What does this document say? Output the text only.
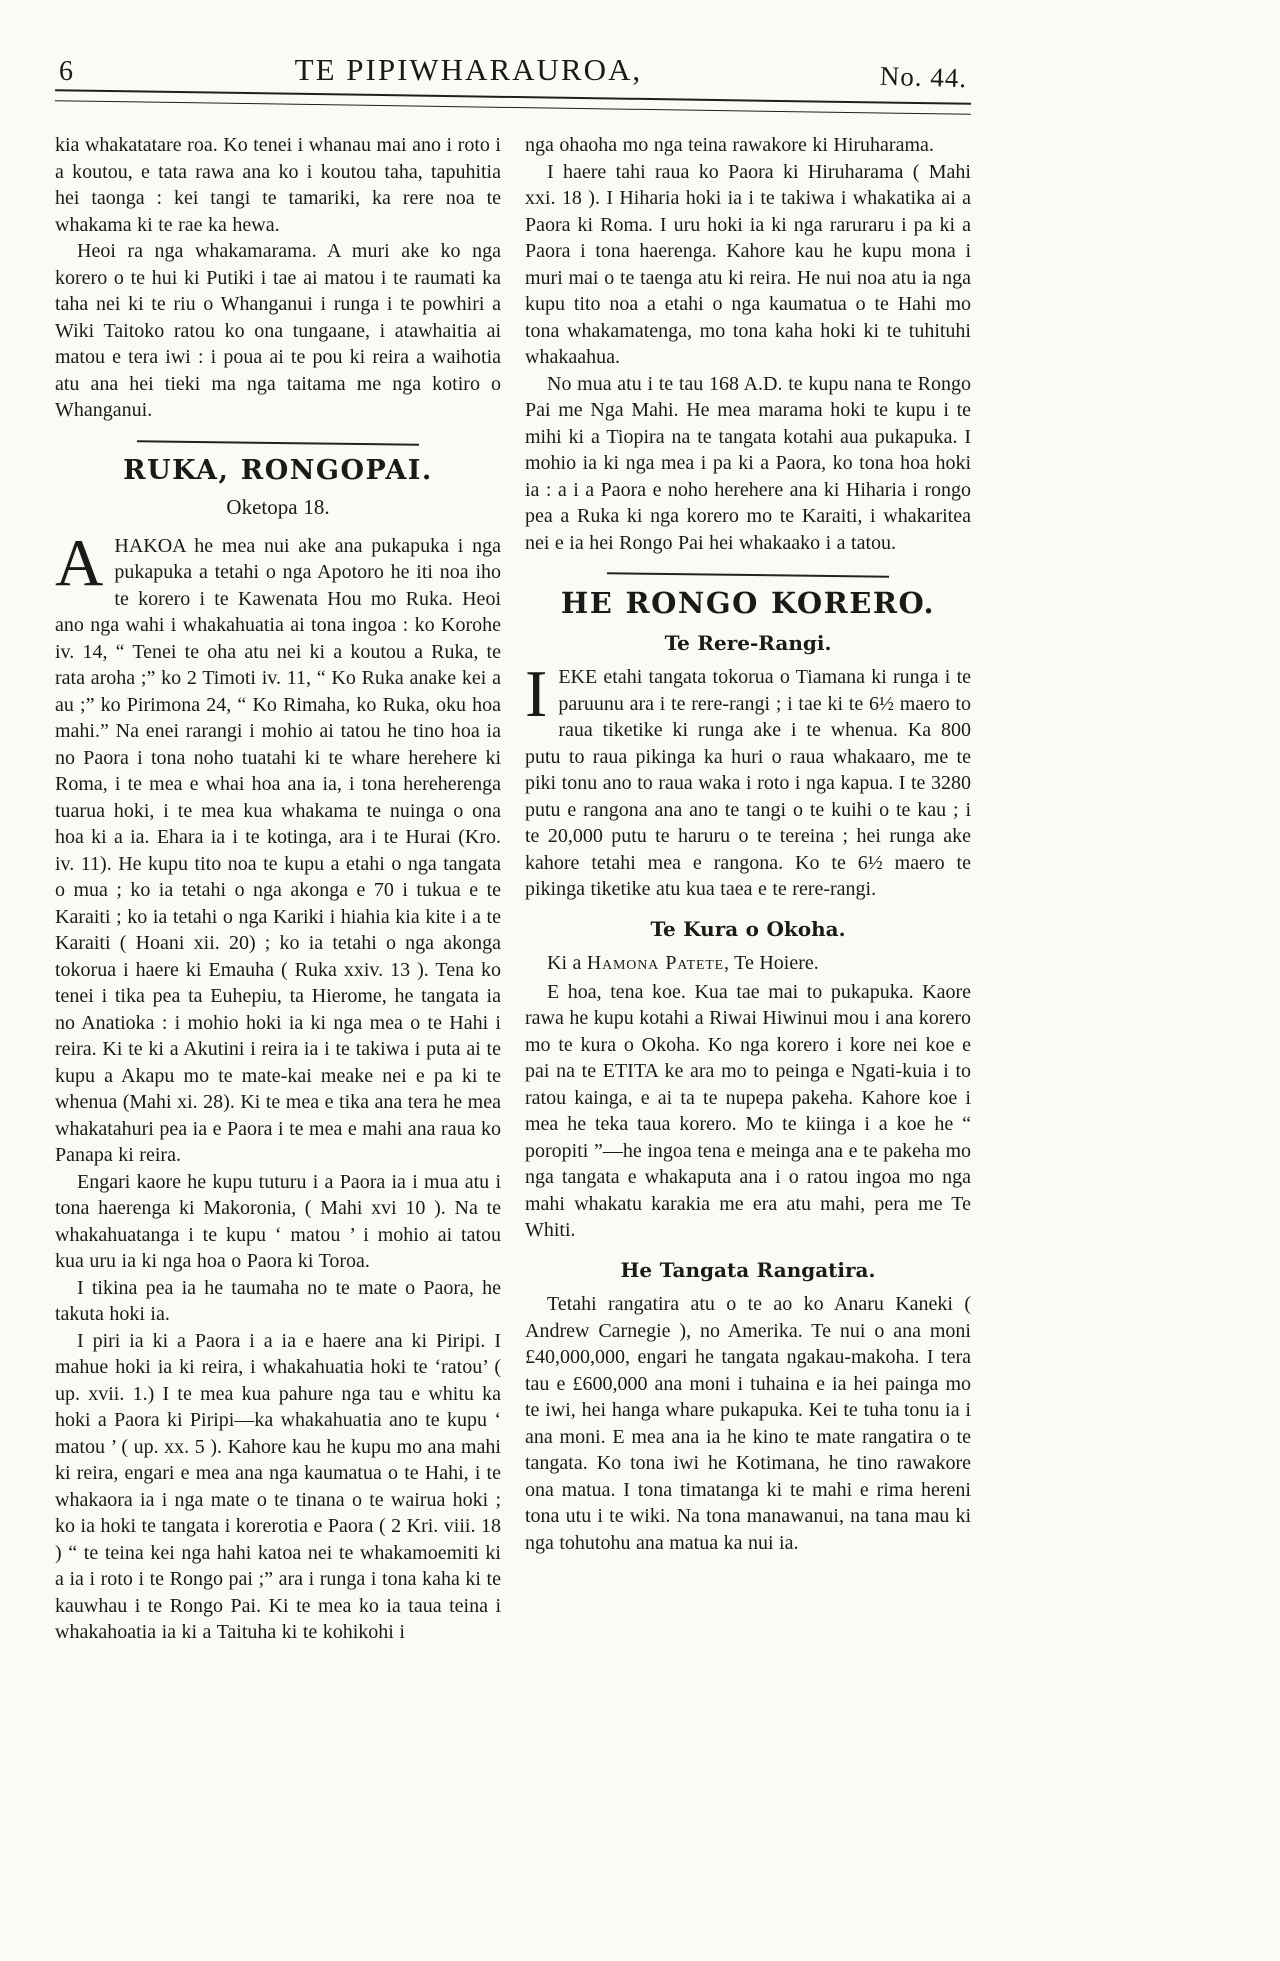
6	TE PIPIWHARAUROA,	No. 44.

kia whakatatare roa. Ko tenei i whanau mai ano i roto i a koutou, e tata rawa ana ko i koutou taha, tapuhitia hei taonga : kei tangi te tamariki, ka rere noa te whakama ki te rae ka hewa.

Heoi ra nga whakamarama. A muri ake ko nga korero o te hui ki Putiki i tae ai matou i te raumati ka taha nei ki te riu o Whanganui i runga i te powhiri a Wiki Taitoko ratou ko ona tungaane, i atawhaitia ai matou e tera iwi : i poua ai te pou ki reira a waihotia atu ana hei tieki ma nga taitama me nga kotiro o Whanganui.

RUKA, RONGOPAI.
Oketopa 18.

AHAKOA he mea nui ake ana pukapuka i nga pukapuka a tetahi o nga Apotoro he iti noa iho te korero i te Kawenata Hou mo Ruka. Heoi ano nga wahi i whakahuatia ai tona ingoa : ko Korohe iv. 14, “ Tenei te oha atu nei ki a koutou a Ruka, te rata aroha ;” ko 2 Timoti iv. 11, “ Ko Ruka anake kei a au ;” ko Pirimona 24, “ Ko Rimaha, ko Ruka, oku hoa mahi.” Na enei rarangi i mohio ai tatou he tino hoa ia no Paora i tona noho tuatahi ki te whare herehere ki Roma, i te mea e whai hoa ana ia, i tona hereherenga tuarua hoki, i te mea kua whakama te nuinga o ona hoa ki a ia. Ehara ia i te kotinga, ara i te Hurai (Kro. iv. 11). He kupu tito noa te kupu a etahi o nga tangata o mua ; ko ia tetahi o nga akonga e 70 i tukua e te Karaiti ; ko ia tetahi o nga Kariki i hiahia kia kite i a te Karaiti ( Hoani xii. 20) ; ko ia tetahi o nga akonga tokorua i haere ki Emauha ( Ruka xxiv. 13 ). Tena ko tenei i tika pea ta Euhepiu, ta Hierome, he tangata ia no Anatioka : i mohio hoki ia ki nga mea o te Hahi i reira. Ki te ki a Akutini i reira ia i te takiwa i puta ai te kupu a Akapu mo te mate-kai meake nei e pa ki te whenua (Mahi xi. 28). Ki te mea e tika ana tera he mea whakatahuri pea ia e Paora i te mea e mahi ana raua ko Panapa ki reira.

Engari kaore he kupu tuturu i a Paora ia i mua atu i tona haerenga ki Makoronia, ( Mahi xvi 10 ). Na te whakahuatanga i te kupu ‘ matou ’ i mohio ai tatou kua uru ia ki nga hoa o Paora ki Toroa.

I tikina pea ia he taumaha no te mate o Paora, he takuta hoki ia.

I piri ia ki a Paora i a ia e haere ana ki Piripi. I mahue hoki ia ki reira, i whakahuatia hoki te ‘ratou’ ( up. xvii. 1.) I te mea kua pahure nga tau e whitu ka hoki a Paora ki Piripi—ka whakahuatia ano te kupu ‘ matou ’ ( up. xx. 5 ). Kahore kau he kupu mo ana mahi ki reira, engari e mea ana nga kaumatua o te Hahi, i te whakaora ia i nga mate o te tinana o te wairua hoki ; ko ia hoki te tangata i korerotia e Paora ( 2 Kri. viii. 18 ) “ te teina kei nga hahi katoa nei te whakamoemiti ki a ia i roto i te Rongo pai ;” ara i runga i tona kaha ki te kauwhau i te Rongo Pai. Ki te mea ko ia taua teina i whakahoatia ia ki a Taituha ki te kohikohi i

nga ohaoha mo nga teina rawakore ki Hiruharama.

I haere tahi raua ko Paora ki Hiruharama ( Mahi xxi. 18 ). I Hiharia hoki ia i te takiwa i whakatika ai a Paora ki Roma. I uru hoki ia ki nga raruraru i pa ki a Paora i tona haerenga. Kahore kau he kupu mona i muri mai o te taenga atu ki reira. He nui noa atu ia nga kupu tito noa a etahi o nga kaumatua o te Hahi mo tona whakamatenga, mo tona kaha hoki ki te tuhituhi whakaahua.

No mua atu i te tau 168 A.D. te kupu nana te Rongo Pai me Nga Mahi. He mea marama hoki te kupu i te mihi ki a Tiopira na te tangata kotahi aua pukapuka. I mohio ia ki nga mea i pa ki a Paora, ko tona hoa hoki ia : a i a Paora e noho herehere ana ki Hiharia i rongo pea a Ruka ki nga korero mo te Karaiti, i whakaritea nei e ia hei Rongo Pai hei whakaako i a tatou.

HE RONGO KORERO.
Te Rere-Rangi.

IEKE etahi tangata tokorua o Tiamana ki runga i te paruunu ara i te rere-rangi ; i tae ki te 6½ maero to raua tiketike ki runga ake i te whenua. Ka 800 putu to raua pikinga ka huri o raua whakaaro, me te piki tonu ano to raua waka i roto i nga kapua. I te 3280 putu e rangona ana ano te tangi o te kuihi o te kau ; i te 20,000 putu te haruru o te tereina ; hei runga ake kahore tetahi mea e rangona. Ko te 6½ maero te pikinga tiketike atu kua taea e te rere-rangi.

Te Kura o Okoha.
Ki a Hamona Patete, Te Hoiere.

E hoa, tena koe. Kua tae mai to pukapuka. Kaore rawa he kupu kotahi a Riwai Hiwinui mou i ana korero mo te kura o Okoha. Ko nga korero i kore nei koe e pai na te ETITA ke ara mo to peinga e Ngati-kuia i to ratou kainga, e ai ta te nupepa pakeha. Kahore koe i mea he teka taua korero. Mo te kiinga i a koe he “ poropiti ”—he ingoa tena e meinga ana e te pakeha mo nga tangata e whakaputa ana i o ratou ingoa mo nga mahi whakatu karakia me era atu mahi, pera me Te Whiti.

He Tangata Rangatira.

Tetahi rangatira atu o te ao ko Anaru Kaneki ( Andrew Carnegie ), no Amerika. Te nui o ana moni £40,000,000, engari he tangata ngakau-makoha. I tera tau e £600,000 ana moni i tuhaina e ia hei painga mo te iwi, hei hanga whare pukapuka. Kei te tuha tonu ia i ana moni. E mea ana ia he kino te mate rangatira o te tangata. Ko tona iwi he Kotimana, he tino rawakore ona matua. I tona timatanga ki te mahi e rima hereni tona utu i te wiki. Na tona manawanui, na tana mau ki nga tohutohu ana matua ka nui ia.
